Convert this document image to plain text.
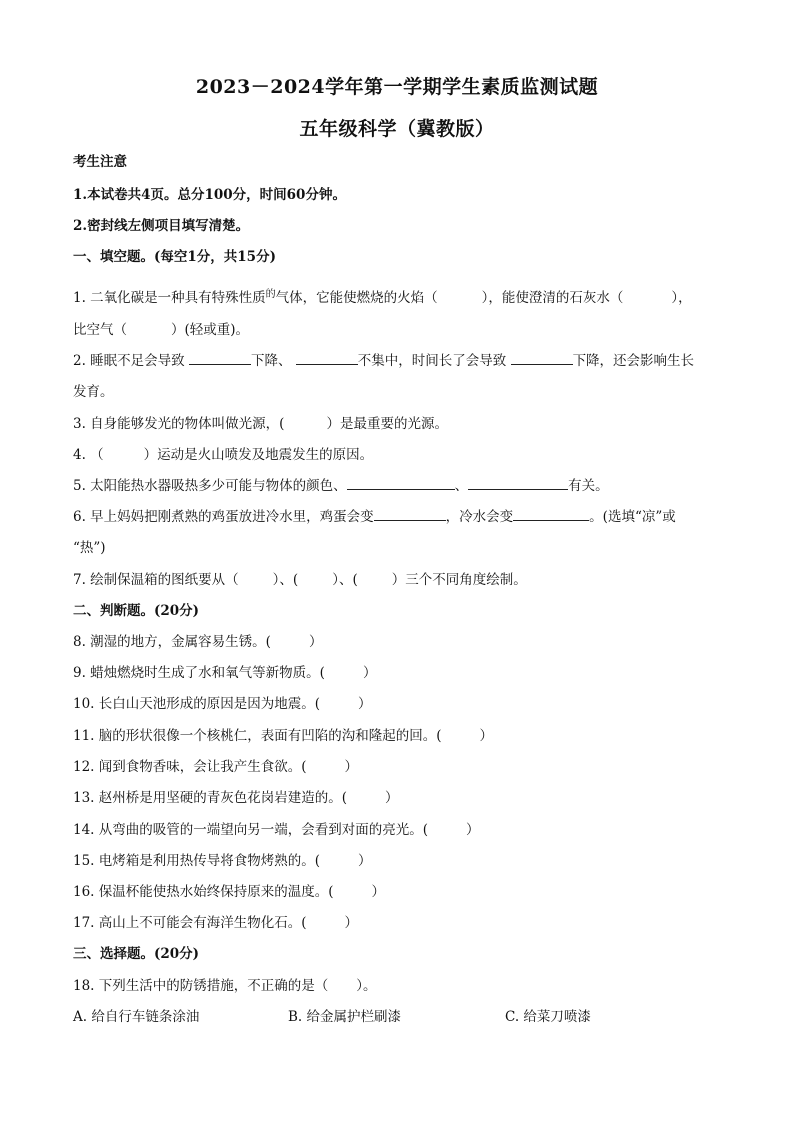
2023－2024学年第一学期学生素质监测试题
五年级科学（冀教版）
考生注意
1.本试卷共4页。总分100分，时间60分钟。
2.密封线左侧项目填写清楚。
一、填空题。(每空1分，共15分)
1. 二氧化碳是一种具有特殊性质$^的$气体，它能使燃烧的火焰（	），能使澄清的石灰水（	），
比空气（	）(轻或重)。
2. 睡眠不足会导致	下降、	不集中，时间长了会导致	下降，还会影响生长
发育。
3. 自身能够发光的物体叫做光源，(	）是最重要的光源。
4. （	）运动是火山喷发及地震发生的原因。
5. 太阳能热水器吸热多少可能与物体的颜色、	、	有关。
6. 早上妈妈把刚煮熟的鸡蛋放进冷水里，鸡蛋会变	，冷水会变	。(选填“凉”或
“热”)
7. 绘制保温箱的图纸要从（	）、(	）、(	）三个不同角度绘制。
二、判断题。(20分)
8. 潮湿的地方，金属容易生锈。(	）
9. 蜡烛燃烧时生成了水和氧气等新物质。(	）
10. 长白山天池形成的原因是因为地震。(	）
11. 脑的形状很像一个核桃仁，表面有凹陷的沟和隆起的回。(	）
12. 闻到食物香味，会让我产生食欲。(	）
13. 赵州桥是用坚硬的青灰色花岗岩建造的。(	）
14. 从弯曲的吸管的一端望向另一端，会看到对面的亮光。(	）
15. 电烤箱是利用热传导将食物烤熟的。(	）
16. 保温杯能使热水始终保持原来的温度。(	）
17. 高山上不可能会有海洋生物化石。(	）
三、选择题。(20分)
18. 下列生活中的防锈措施，不正确的是（ ）。
A. 给自行车链条涂油	B. 给金属护栏刷漆	C. 给菜刀喷漆
